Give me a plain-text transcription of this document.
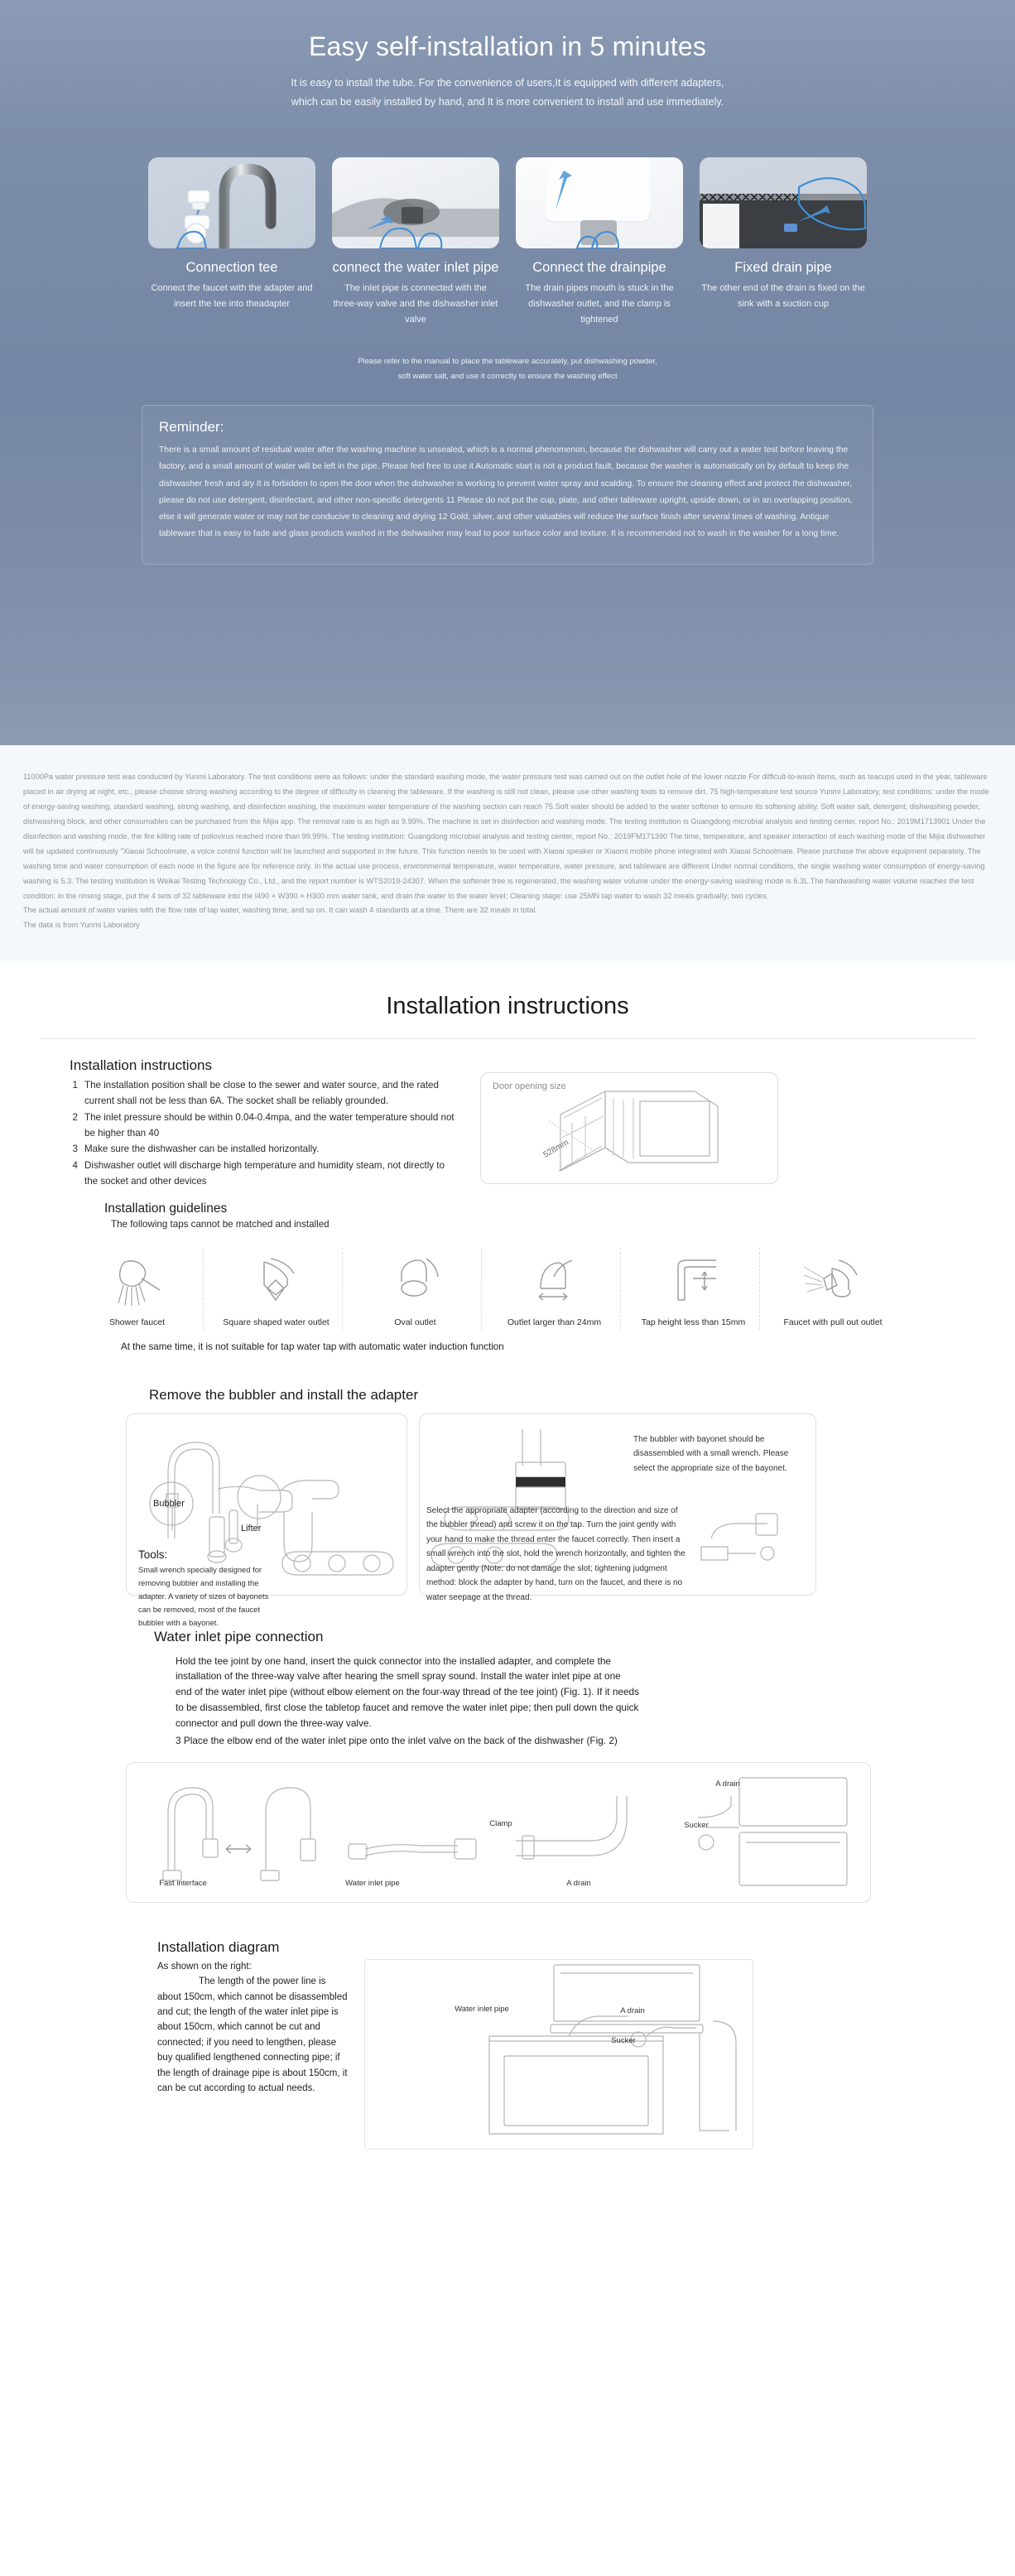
Easy self-installation in 5 minutes
It is easy to install the tube. For the convenience of users,It is equipped with different adapters,
which can be easily installed by hand, and It is more convenient to install and use immediately.
Connection tee
Connect the faucet with the adapter and insert the tee into theadapter
connect the water inlet pipe
The inlet pipe is connected with the three-way valve and the dishwasher inlet valve
Connect the drainpipe
The drain pipes mouth is stuck in the dishwasher outlet, and the clamp is tightened
Fixed drain pipe
The other end of the drain is fixed on the sink with a suction cup
Please refer to the manual to place the tableware accurately, put dishwashing powder,
soft water salt, and use it correctly to ensure the washing effect
Reminder:
There is a small amount of residual water after the washing machine is unsealed, which is a normal phenomenon, because the dishwasher will carry out a water test before leaving the factory, and a small amount of water will be left in the pipe. Please feel free to use it Automatic start is not a product fault, because the washer is automatically on by default to keep the dishwasher fresh and dry It is forbidden to open the door when the dishwasher is working to prevent water spray and scalding. To ensure the cleaning effect and protect the dishwasher, please do not use detergent, disinfectant, and other non-specific detergents 11 Please do not put the cup, plate, and other tableware upright, upside down, or in an overlapping position, else it will generate water or may not be conducive to cleaning and drying 12 Gold, silver, and other valuables will reduce the surface finish after several times of washing. Antique tableware that is easy to fade and glass products washed in the dishwasher may lead to poor surface color and texture. It is recommended not to wash in the washer for a long time.

11000Pa water pressure test was conducted by Yunmi Laboratory. The test conditions were as follows: under the standard washing mode, the water pressure test was carried out on the outlet hole of the lower nozzle For difficult-to-wash items, such as teacups used in the year, tableware placed in air drying at night, etc., please choose strong washing according to the degree of difficulty in cleaning the tableware. If the washing is still not clean, please use other washing tools to remove dirt. 75 high-temperature test source Yunmi Laboratory, test conditions: under the mode of energy-saving washing, standard washing, strong washing, and disinfection washing, the maximum water temperature of the washing section can reach 75.Soft water should be added to the water softener to ensure its softening ability. Soft water salt, detergent, dishwashing powder, dishwashing block, and other consumables can be purchased from the Mijia app. The removal rate is as high as 9.99%. The machine is set in disinfection and washing mode. The testing institution is Guangdong microbial analysis and testing center, report No.: 2019M1713901 Under the disinfection and washing mode, the fire killing rate of poliovirus reached more than 99.99%. The testing institution: Guangdong microbial analysis and testing center, report No.: 2019FM171390 The time, temperature, and speaker interaction of each washing mode of the Mijia dishwasher will be updated continuously "Xiaoai Schoolmate, a voice control function will be launched and supported in the future. This function needs to be used with Xiaoai speaker or Xiaomi mobile phone integrated with Xiaoai Schoolmate. Please purchase the above equipment separately. The washing time and water consumption of each node in the figure are for reference only. In the actual use process, environmental temperature, water temperature, water pressure, and tableware are different Under normal conditions, the single washing water consumption of energy-saving washing is 5.3. The testing institution is Weikai Testing Technology Co., Ltd., and the report number is WTS2019-24307. When the softener tree is regenerated, the washing water volume under the energy-saving washing mode is 6.3L.The handwashing water volume reaches the test condition: in the rinsing stage, put the 4 sets of 32 tableware into the l490 × W390 × H300 mm water tank, and drain the water to the water level; Cleaning stage: use 25MN tap water to wash 32 meals gradually; two cycles.

The actual amount of water varies with the flow rate of tap water, washing time, and so on. It can wash 4 standards at a time. There are 32 meals in total.

The data is from Yunmi Laboratory

Installation instructions
Installation instructions
1 The installation position shall be close to the sewer and water source, and the rated current shall not be less than 6A. The socket shall be reliably grounded.
2 The inlet pressure should be within 0.04-0.4mpa, and the water temperature should not be higher than 40
3 Make sure the dishwasher can be installed horizontally.
4 Dishwasher outlet will discharge high temperature and humidity steam, not directly to the socket and other devices
Installation guidelines
The following taps cannot be matched and installed
Door opening size
528mm
Shower faucet	Square shaped water outlet	Oval outlet	Outlet larger than 24mm	Tap height less than 15mm	Faucet with pull out outlet
At the same time, it is not suitable for tap water tap with automatic water induction function
Remove the bubbler and install the adapter
Bubbler
Lifter
Tools:
Small wrench specially designed for removing bubbler and installing the adapter. A variety of sizes of bayonets can be removed, most of the faucet bubbler with a bayonet.
The bubbler with bayonet should be disassembled with a small wrench. Please select the appropriate size of the bayonet.
Select the appropriate adapter (according to the direction and size of the bubbler thread) and screw it on the tap. Turn the joint gently with your hand to make the thread enter the faucet correctly. Then insert a small wrench into the slot, hold the wrench horizontally, and tighten the adapter gently (Note: do not damage the slot; tightening judgment method: block the adapter by hand, turn on the faucet, and there is no water seepage at the thread.
Water inlet pipe connection
Hold the tee joint by one hand, insert the quick connector into the installed adapter, and complete the installation of the three-way valve after hearing the smell spray sound. Install the water inlet pipe at one end of the water inlet pipe (without elbow element on the four-way thread of the tee joint) (Fig. 1). If it needs to be disassembled, first close the tabletop faucet and remove the water inlet pipe; then pull down the quick connector and pull down the three-way valve.
3 Place the elbow end of the water inlet pipe onto the inlet valve on the back of the dishwasher (Fig. 2)
Fast interface	Water inlet pipe
Clamp
A drain
A drain
Sucker
Installation diagram
As shown on the right:
The length of the power line is about 150cm, which cannot be disassembled and cut; the length of the water inlet pipe is about 150cm, which cannot be cut and connected; if you need to lengthen, please buy qualified lengthened connecting pipe; if the length of drainage pipe is about 150cm, it can be cut according to actual needs.
Water inlet pipe	A drain
Sucker
